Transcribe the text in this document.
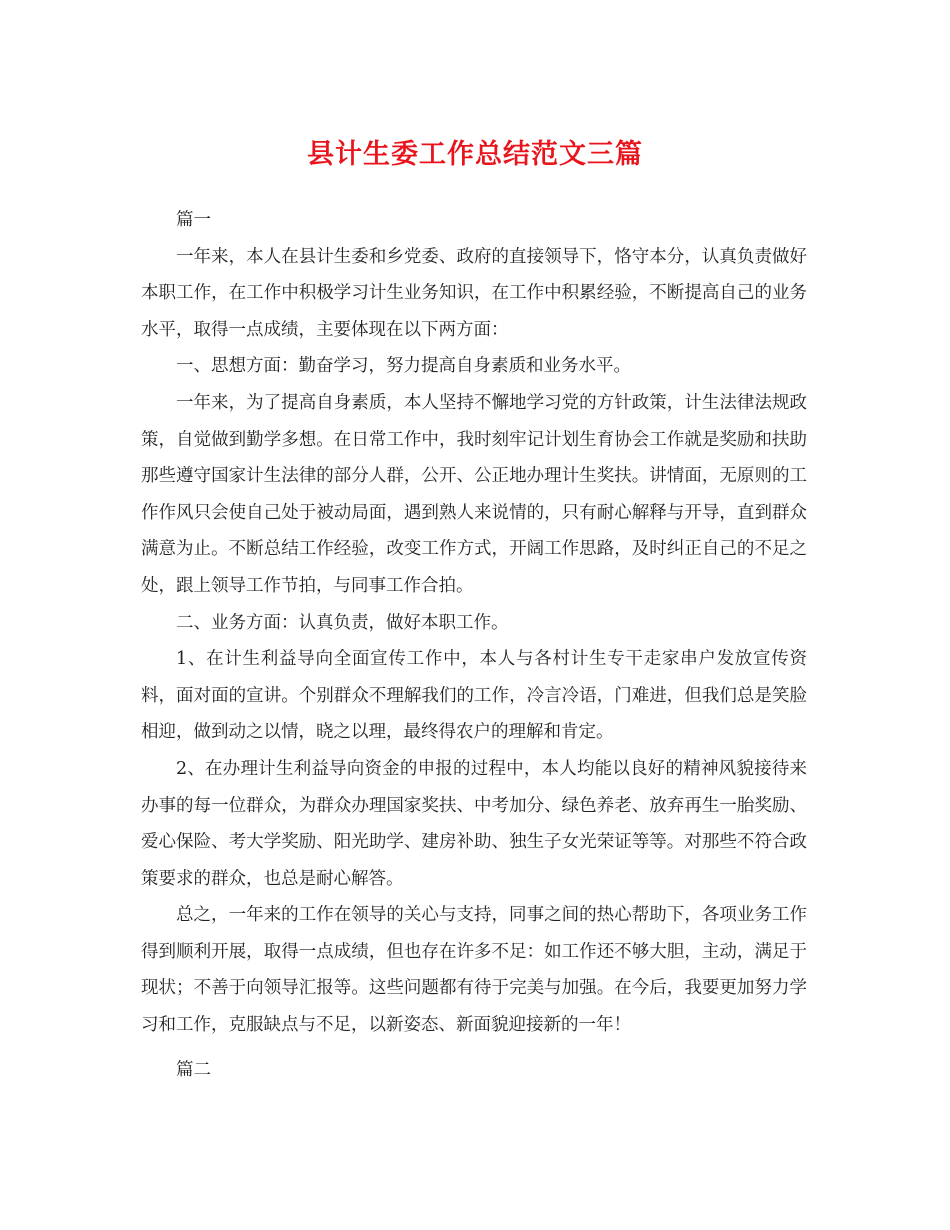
县计生委工作总结范文三篇

篇一

一年来，本人在县计生委和乡党委、政府的直接领导下，恪守本分，认真负责做好本职工作，在工作中积极学习计生业务知识，在工作中积累经验，不断提高自己的业务水平，取得一点成绩，主要体现在以下两方面：

一、思想方面：勤奋学习，努力提高自身素质和业务水平。

一年来，为了提高自身素质，本人坚持不懈地学习党的方针政策，计生法律法规政策，自觉做到勤学多想。在日常工作中，我时刻牢记计划生育协会工作就是奖励和扶助那些遵守国家计生法律的部分人群，公开、公正地办理计生奖扶。讲情面，无原则的工作作风只会使自己处于被动局面，遇到熟人来说情的，只有耐心解释与开导，直到群众满意为止。不断总结工作经验，改变工作方式，开阔工作思路，及时纠正自己的不足之处，跟上领导工作节拍，与同事工作合拍。

二、业务方面：认真负责，做好本职工作。

1、在计生利益导向全面宣传工作中，本人与各村计生专干走家串户发放宣传资料，面对面的宣讲。个别群众不理解我们的工作，冷言冷语，门难进，但我们总是笑脸相迎，做到动之以情，晓之以理，最终得农户的理解和肯定。

2、在办理计生利益导向资金的申报的过程中，本人均能以良好的精神风貌接待来办事的每一位群众，为群众办理国家奖扶、中考加分、绿色养老、放弃再生一胎奖励、爱心保险、考大学奖励、阳光助学、建房补助、独生子女光荣证等等。对那些不符合政策要求的群众，也总是耐心解答。

总之，一年来的工作在领导的关心与支持，同事之间的热心帮助下，各项业务工作得到顺利开展，取得一点成绩，但也存在许多不足：如工作还不够大胆，主动，满足于现状；不善于向领导汇报等。这些问题都有待于完美与加强。在今后，我要更加努力学习和工作，克服缺点与不足，以新姿态、新面貌迎接新的一年！

篇二
